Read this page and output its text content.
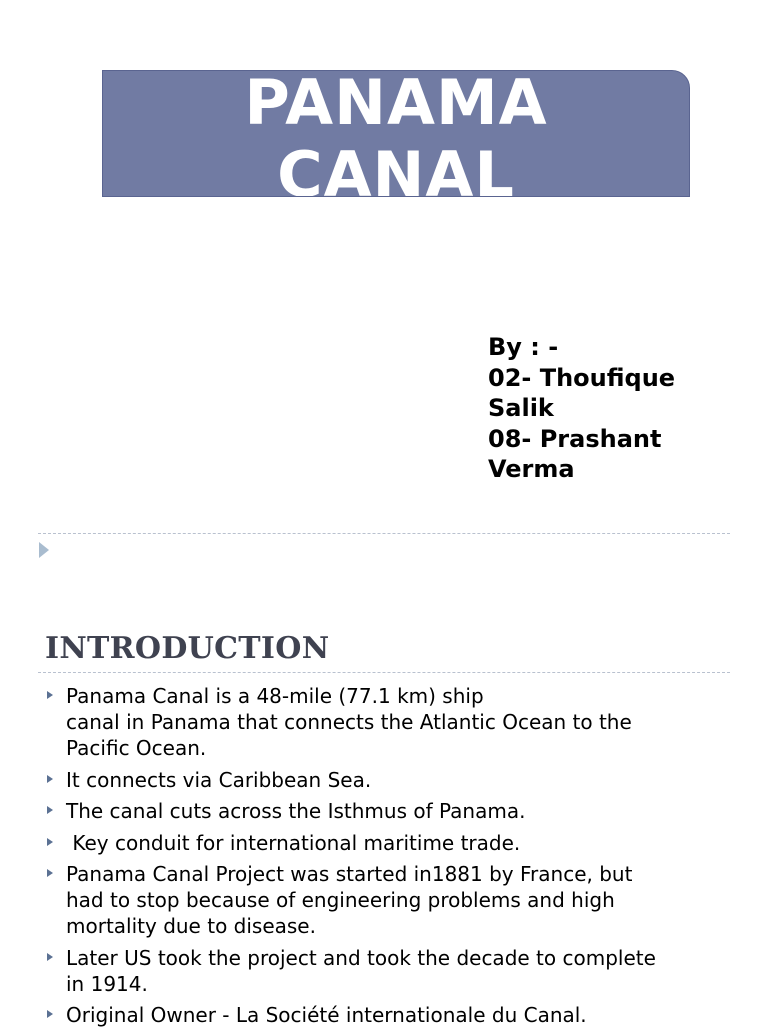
PANAMA
CANAL
By : -
02- Thoufique
Salik
08- Prashant
Verma
INTRODUCTION
Panama Canal is a 48-mile (77.1 km) ship
canal in Panama that connects the Atlantic Ocean to the
Pacific Ocean.
It connects via Caribbean Sea.
The canal cuts across the Isthmus of Panama.
Key conduit for international maritime trade.
Panama Canal Project was started in1881 by France, but
had to stop because of engineering problems and high
mortality due to disease.
Later US took the project and took the decade to complete
in 1914.
Original Owner - La Société internationale du Canal.
